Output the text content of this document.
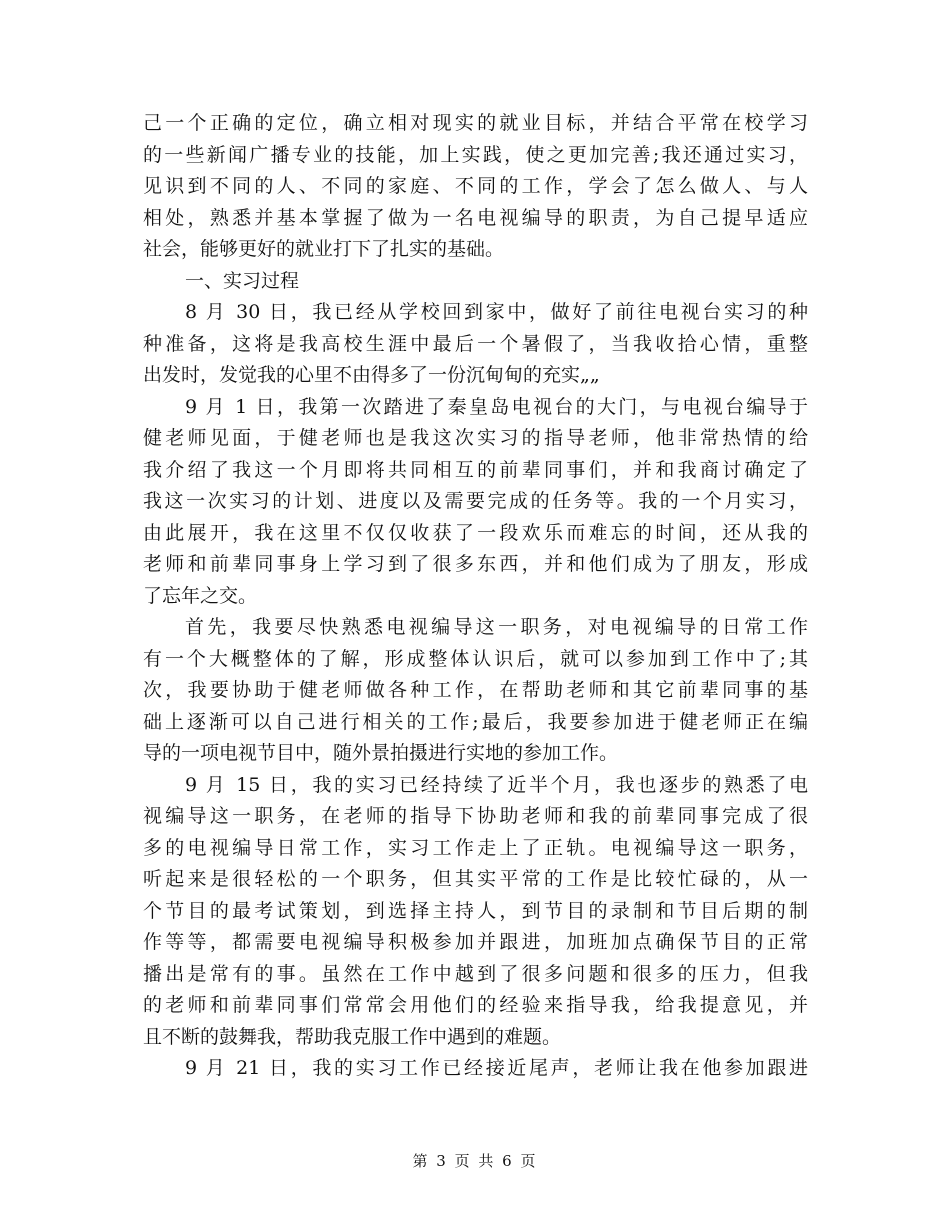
己一个正确的定位，确立相对现实的就业目标，并结合平常在校学习
的一些新闻广播专业的技能，加上实践，使之更加完善;我还通过实习，
见识到不同的人、不同的家庭、不同的工作，学会了怎么做人、与人
相处，熟悉并基本掌握了做为一名电视编导的职责，为自己提早适应
社会，能够更好的就业打下了扎实的基础。
一、实习过程
8 月 30 日，我已经从学校回到家中，做好了前往电视台实习的种
种准备，这将是我高校生涯中最后一个暑假了，当我收拾心情，重整
出发时，发觉我的心里不由得多了一份沉甸甸的充实„„
9 月 1 日，我第一次踏进了秦皇岛电视台的大门，与电视台编导于
健老师见面，于健老师也是我这次实习的指导老师，他非常热情的给
我介绍了我这一个月即将共同相互的前辈同事们，并和我商讨确定了
我这一次实习的计划、进度以及需要完成的任务等。我的一个月实习，
由此展开，我在这里不仅仅收获了一段欢乐而难忘的时间，还从我的
老师和前辈同事身上学习到了很多东西，并和他们成为了朋友，形成
了忘年之交。
首先，我要尽快熟悉电视编导这一职务，对电视编导的日常工作
有一个大概整体的了解，形成整体认识后，就可以参加到工作中了;其
次，我要协助于健老师做各种工作，在帮助老师和其它前辈同事的基
础上逐渐可以自己进行相关的工作;最后，我要参加进于健老师正在编
导的一项电视节目中，随外景拍摄进行实地的参加工作。
9 月 15 日，我的实习已经持续了近半个月，我也逐步的熟悉了电
视编导这一职务，在老师的指导下协助老师和我的前辈同事完成了很
多的电视编导日常工作，实习工作走上了正轨。电视编导这一职务，
听起来是很轻松的一个职务，但其实平常的工作是比较忙碌的，从一
个节目的最考试策划，到选择主持人，到节目的录制和节目后期的制
作等等，都需要电视编导积极参加并跟进，加班加点确保节目的正常
播出是常有的事。虽然在工作中越到了很多问题和很多的压力，但我
的老师和前辈同事们常常会用他们的经验来指导我，给我提意见，并
且不断的鼓舞我，帮助我克服工作中遇到的难题。
9 月 21 日，我的实习工作已经接近尾声，老师让我在他参加跟进
第 3 页 共 6 页
